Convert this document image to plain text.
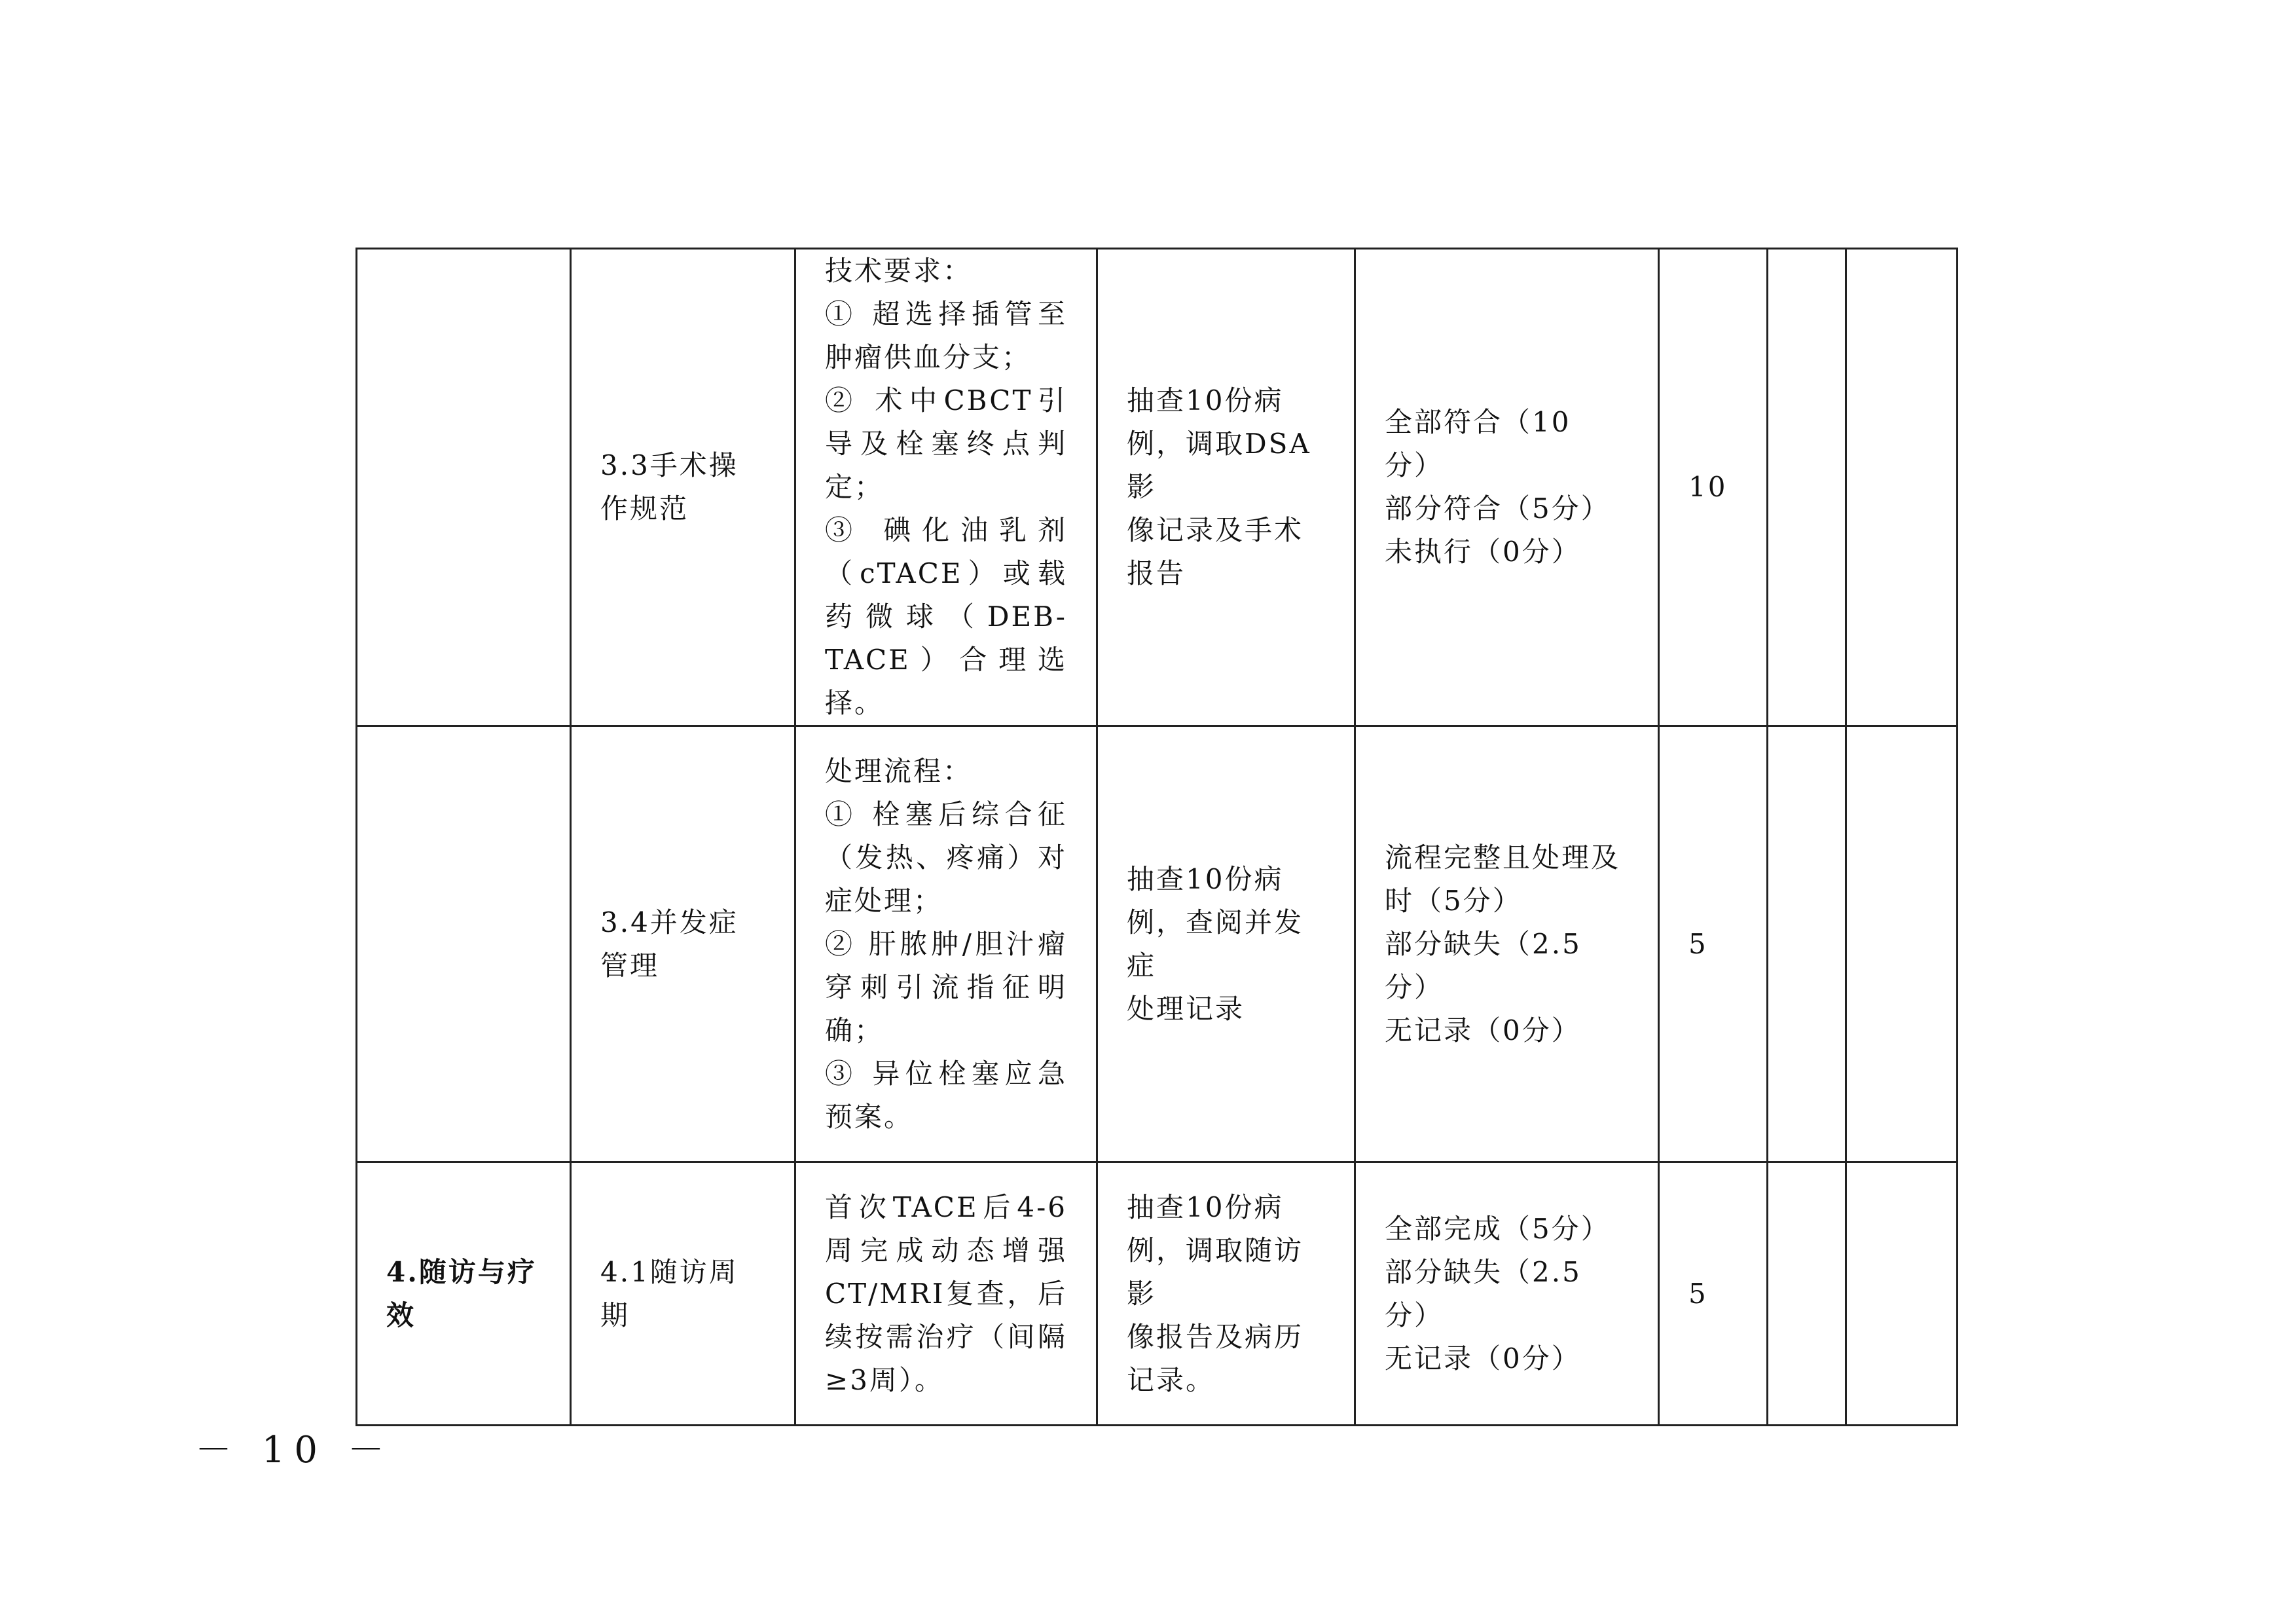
	3.3手术操
作规范	技术要求：
① 超选择插管至肿瘤供血分支；
② 术中CBCT引导及栓塞终点判定；
③ 碘化油乳剂（cTACE）或载药微球（DEB-TACE）合理选择。	抽查10份病
例，调取DSA影
像记录及手术
报告	全部符合（10分）
部分符合（5分）
未执行（0分）	10		

	3.4并发症
管理	处理流程：
① 栓塞后综合征（发热、疼痛）对症处理；
② 肝脓肿/胆汁瘤穿刺引流指征明确；
③ 异位栓塞应急预案。	抽查10份病
例，查阅并发症
处理记录	流程完整且处理及
时（5分）
部分缺失（2.5分）
无记录（0分）	5		

4.随访与疗
效	4.1随访周
期	首次TACE后4-6周完成动态增强CT/MRI复查，后续按需治疗（间隔≥3周）。	抽查10份病
例，调取随访影
像报告及病历
记录。	全部完成（5分）
部分缺失（2.5分）
无记录（0分）	5		

－ 10 －
